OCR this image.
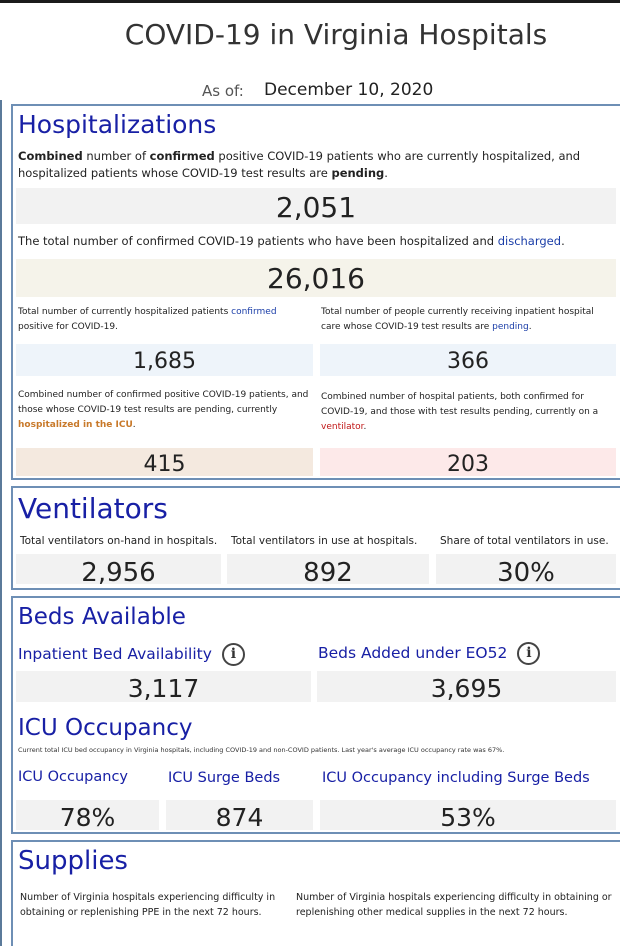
COVID-19 in Virginia Hospitals
As of: December 10, 2020
Hospitalizations
Combined number of confirmed positive COVID-19 patients who are currently hospitalized, and hospitalized patients whose COVID-19 test results are pending.
2,051
The total number of confirmed COVID-19 patients who have been hospitalized and discharged.
26,016
Total number of currently hospitalized patients confirmed positive for COVID-19.
1,685
Total number of people currently receiving inpatient hospital care whose COVID-19 test results are pending.
366
Combined number of confirmed positive COVID-19 patients, and those whose COVID-19 test results are pending, currently hospitalized in the ICU.
415
Combined number of hospital patients, both confirmed for COVID-19, and those with test results pending, currently on a ventilator.
203
Ventilators
Total ventilators on-hand in hospitals. Total ventilators in use at hospitals. Share of total ventilators in use.
2,956	892	30%
Beds Available
Inpatient Bed Availability i	Beds Added under EO52 i
3,117	3,695
ICU Occupancy
Current total ICU bed occupancy in Virginia hospitals, including COVID-19 and non-COVID patients. Last year's average ICU occupancy rate was 67%.
ICU Occupancy	ICU Surge Beds	ICU Occupancy including Surge Beds
78%	874	53%
Supplies
Number of Virginia hospitals experiencing difficulty in obtaining or replenishing PPE in the next 72 hours.
Number of Virginia hospitals experiencing difficulty in obtaining or replenishing other medical supplies in the next 72 hours.
